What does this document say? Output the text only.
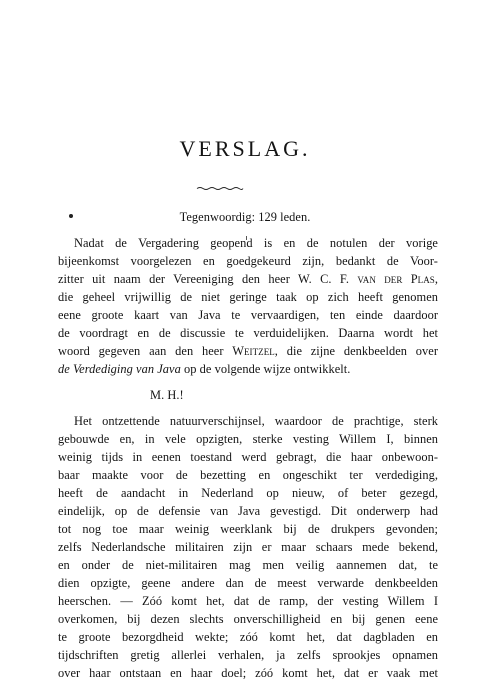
VERSLAG.
Tegenwoordig: 129 leden.
Nadat de Vergadering geopend is en de notulen der vorige
bijeenkomst voorgelezen en goedgekeurd zijn, bedankt de Voor-
zitter uit naam der Vereeniging den heer W. C. F. van der Plas,
die geheel vrijwillig de niet geringe taak op zich heeft genomen
eene groote kaart van Java te vervaardigen, ten einde daardoor
de voordragt en de discussie te verduidelijken. Daarna wordt het
woord gegeven aan den heer Weitzel, die zijne denkbeelden over
de Verdediging van Java op de volgende wijze ontwikkelt.
M. H.!
Het ontzettende natuurverschijnsel, waardoor de prachtige, sterk
gebouwde en, in vele opzigten, sterke vesting Willem I, binnen
weinig tijds in eenen toestand werd gebragt, die haar onbewoon-
baar maakte voor de bezetting en ongeschikt ter verdediging,
heeft de aandacht in Nederland op nieuw, of beter gezegd,
eindelijk, op de defensie van Java gevestigd. Dit onderwerp had
tot nog toe maar weinig weerklank bij de drukpers gevonden;
zelfs Nederlandsche militairen zijn er maar schaars mede bekend,
en onder de niet-militairen mag men veilig aannemen dat, te
dien opzigte, geene andere dan de meest verwarde denkbeelden
heerschen. — Zóó komt het, dat de ramp, der vesting Willem I
overkomen, bij dezen slechts onverschilligheid en bij genen eene
te groote bezorgdheid wekte; zóó komt het, dat dagbladen en
tijdschriften gretig allerlei verhalen, ja zelfs sprookjes opnamen
over haar ontstaan en haar doel; zóó komt het, dat er vaak met
